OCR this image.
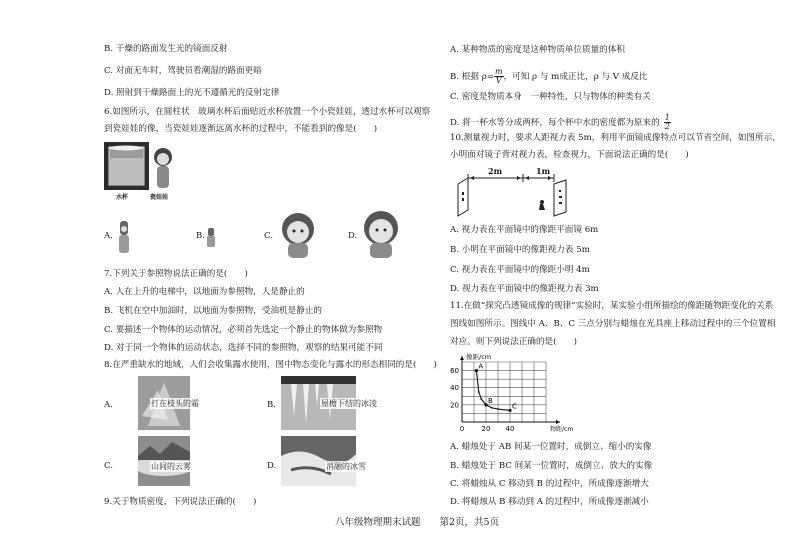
B. 干燥的路面发生光的镜面反射
C. 对面无车时，驾驶员看潮湿的路面更暗
D. 照射到干燥路面上的光不遵循光的反射定律
6.如图所示，在圆柱状　玻璃水杯后面贴近水杯放置一个小瓷娃娃，透过水杯可以观察
到瓷娃娃的像，当瓷娃娃逐渐远离水杯的过程中，不能看到的像是(　　)
水杯	瓷娃娃
A.	B.	C.	D.
7.下列关于参照物说法正确的是(　　)
A. 人在上升的电梯中，以地面为参照物，人是静止的
B. 飞机在空中加油时，以地面为参照物，受油机是静止的
C. 要描述一个物体的运动情况，必须首先选定一个静止的物体做为参照物
D. 对于同一个物体的运动状态，选择不同的参照物，观察的结果可能不同
8.在严重缺水的地域，人们会收集露水使用，图中物态变化与露水的形态相同的是(　　)
A.	打在枝头的霜	B.	屋檐下结的冰凌
C.	山间的云雾	D.	消融的冰雪
9.关于物质密度，下列说法正确的(　　)
A. 某种物质的密度是这种物质单位质量的体积
B. 根据 $\rho= \frac{m}{V}$ ，可知 ρ 与 m成正比，ρ 与 V 成反比
C. 密度是物质本身　一种特性，只与物体的种类有关
D. 将一杯水等分成两杯，每个杯中水的密度都为原来的 $\frac{1}{2}$
10.测量视力时，要求人距视力表 5m，利用平面镜成像特点可以节省空间，如图所示，
小明面对镜子背对视力表，检查视力，下面说法正确的是(　　)
2m	1m
A. 视力表在平面镜中的像距平面镜 6m
B. 小明在平面镜中的像距视力表 5m
C. 视力表在平面镜中的像距小明 4m
D. 视力表在平面镜中的像距视力表 3m
11.在做“探究凸透镜成像的规律”实验时，某实验小组所描绘的像距随物距变化的关系
图线如图所示。图线中 A、B、C 三点分别与蜡烛在光具座上移动过程中的三个位置相
对应。则下列说法正确的是(　　)
0 20 40
20
40
60
像距/cm
物距/cm
A
B
C
A. 蜡烛处于 AB 间某一位置时，成倒立、缩小的实像
B. 蜡烛处于 BC 间某一位置时，成倒立、放大的实像
C. 将蜡烛从 C 移动到 B 的过程中，所成像逐渐增大
D. 将蜡烛从 B 移动到 A 的过程中，所成像逐渐减小
八年级物理期末试题　　第2页，共5页
